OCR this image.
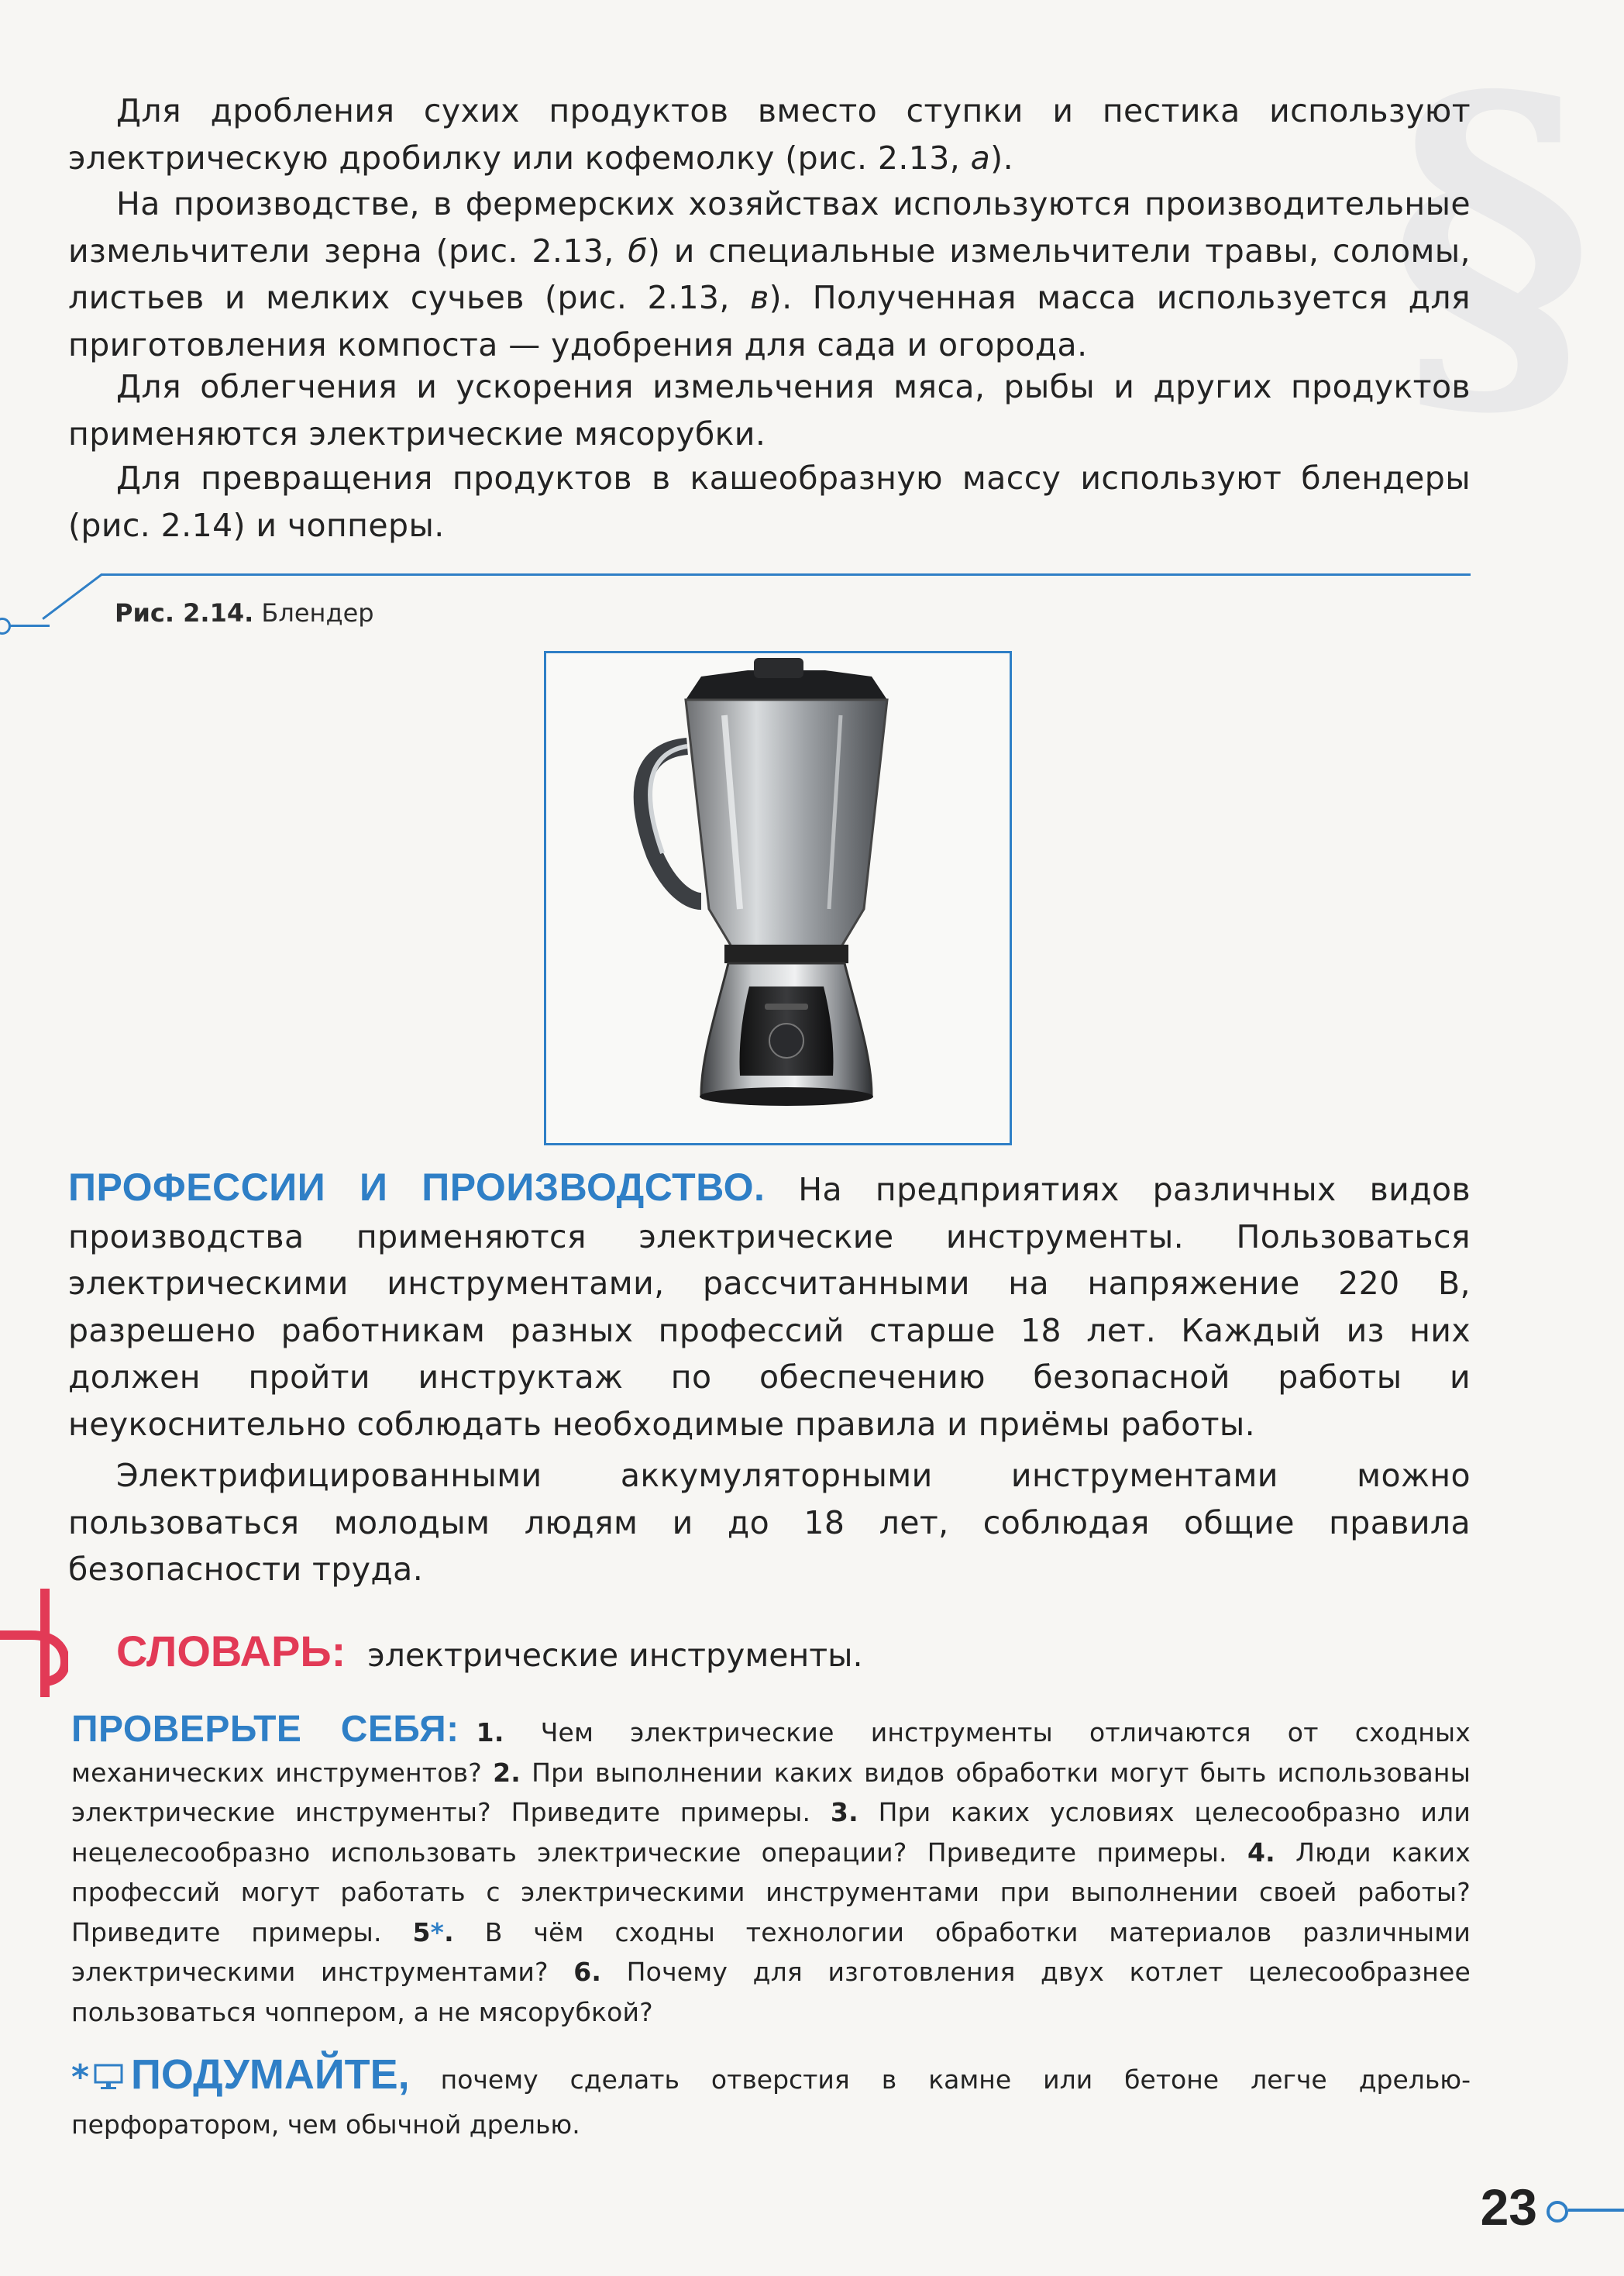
§

Для дробления сухих продуктов вместо ступки и пестика используют электрическую дробилку или кофемолку (рис. 2.13, а).

На производстве, в фермерских хозяйствах используются производительные измельчители зерна (рис. 2.13, б) и специальные измельчители травы, соломы, листьев и мелких сучьев (рис. 2.13, в). Полученная масса используется для приготовления компоста — удобрения для сада и огорода.

Для облегчения и ускорения измельчения мяса, рыбы и других продуктов применяются электрические мясорубки.

Для превращения продуктов в кашеобразную массу используют блендеры (рис. 2.14) и чопперы.

Рис. 2.14. Блендер

ПРОФЕССИИ И ПРОИЗВОДСТВО. На предприятиях различных видов производства применяются электрические инструменты. Пользоваться электрическими инструментами, рассчитанными на напряжение 220 В, разрешено работникам разных профессий старше 18 лет. Каждый из них должен пройти инструктаж по обеспечению безопасной работы и неукоснительно соблюдать необходимые правила и приёмы работы.

Электрифицированными аккумуляторными инструментами можно пользоваться молодым людям и до 18 лет, соблюдая общие правила безопасности труда.

СЛОВАРЬ: электрические инструменты.

ПРОВЕРЬТЕ СЕБЯ: 1. Чем электрические инструменты отличаются от сходных механических инструментов? 2. При выполнении каких видов обработки могут быть использованы электрические инструменты? Приведите примеры. 3. При каких условиях целесообразно или нецелесообразно использовать электрические операции? Приведите примеры. 4. Люди каких профессий могут работать с электрическими инструментами при выполнении своей работы? Приведите примеры. 5*. В чём сходны технологии обработки материалов различными электрическими инструментами? 6. Почему для изготовления двух котлет целесообразнее пользоваться чоппером, а не мясорубкой?

* ПОДУМАЙТЕ, почему сделать отверстия в камне или бетоне легче дрелью-перфоратором, чем обычной дрелью.

23
